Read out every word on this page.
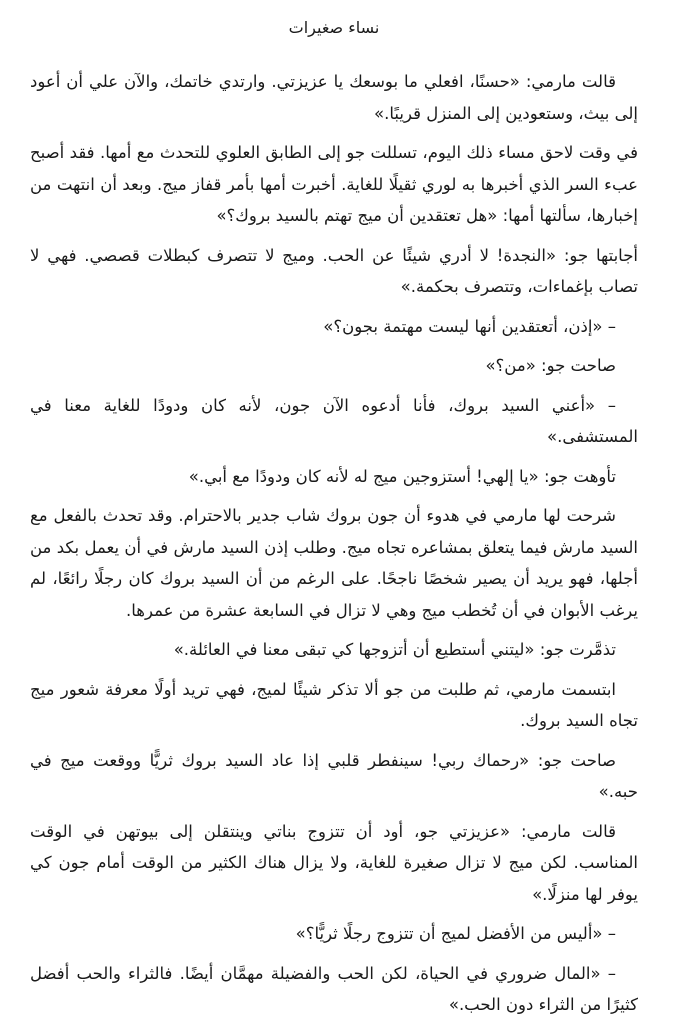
نساء صغيرات

قالت مارمي: «حسنًا، افعلي ما بوسعك يا عزيزتي. وارتدي خاتمك، والآن علي أن أعود إلى بيث، وستعودين إلى المنزل قريبًا.»

في وقت لاحق مساء ذلك اليوم، تسللت جو إلى الطابق العلوي للتحدث مع أمها. فقد أصبح عبء السر الذي أخبرها به لوري ثقيلًا للغاية. أخبرت أمها بأمر قفاز ميج. وبعد أن انتهت من إخبارها، سألتها أمها: «هل تعتقدين أن ميج تهتم بالسيد بروك؟»

أجابتها جو: «النجدة! لا أدري شيئًا عن الحب. وميج لا تتصرف كبطلات قصصي. فهي لا تصاب بإغماءات، وتتصرف بحكمة.»

– «إذن، أتعتقدين أنها ليست مهتمة بجون؟»

صاحت جو: «من؟»

– «أعني السيد بروك، فأنا أدعوه الآن جون، لأنه كان ودودًا للغاية معنا في المستشفى.»

تأوهت جو: «يا إلهي! أستزوجين ميج له لأنه كان ودودًا مع أبي.»

شرحت لها مارمي في هدوء أن جون بروك شاب جدير بالاحترام. وقد تحدث بالفعل مع السيد مارش فيما يتعلق بمشاعره تجاه ميج. وطلب إذن السيد مارش في أن يعمل بكد من أجلها، فهو يريد أن يصير شخصًا ناجحًا. على الرغم من أن السيد بروك كان رجلًا رائعًا، لم يرغب الأبوان في أن تُخطب ميج وهي لا تزال في السابعة عشرة من عمرها.

تذمَّرت جو: «ليتني أستطيع أن أتزوجها كي تبقى معنا في العائلة.»

ابتسمت مارمي، ثم طلبت من جو ألا تذكر شيئًا لميج، فهي تريد أولًا معرفة شعور ميج تجاه السيد بروك.

صاحت جو: «رحماك ربي! سينفطر قلبي إذا عاد السيد بروك ثريًّا ووقعت ميج في حبه.»

قالت مارمي: «عزيزتي جو، أود أن تتزوج بناتي وينتقلن إلى بيوتهن في الوقت المناسب. لكن ميج لا تزال صغيرة للغاية، ولا يزال هناك الكثير من الوقت أمام جون كي يوفر لها منزلًا.»

– «أليس من الأفضل لميج أن تتزوج رجلًا ثريًّا؟»

– «المال ضروري في الحياة، لكن الحب والفضيلة مهمَّان أيضًا. فالثراء والحب أفضل كثيرًا من الثراء دون الحب.»
